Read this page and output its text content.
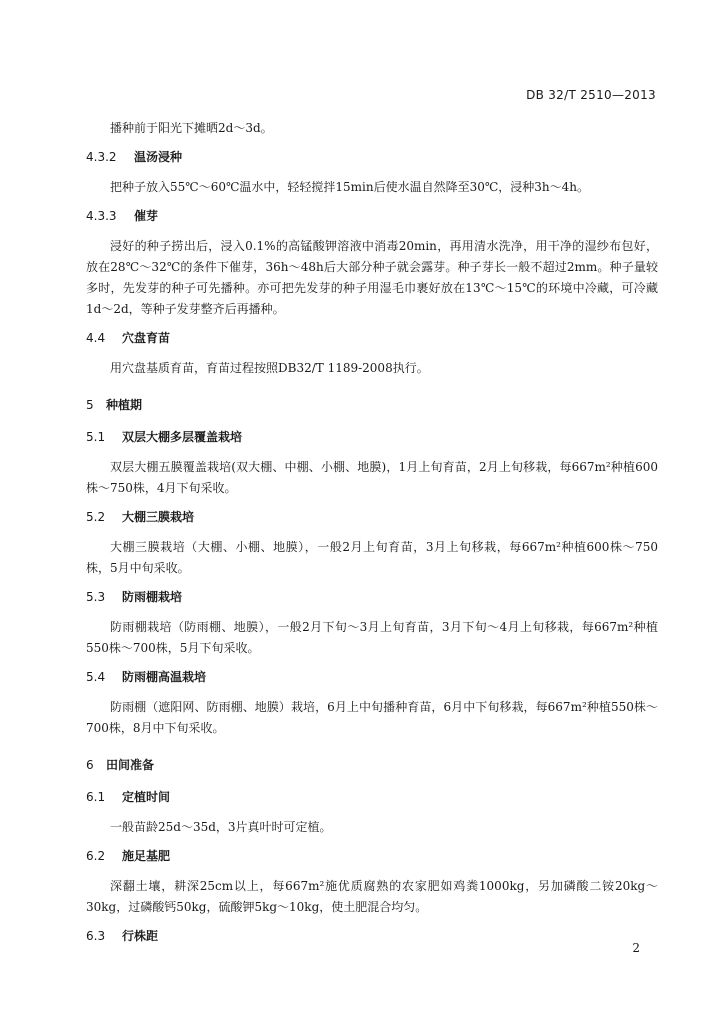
DB 32/T 2510—2013

播种前于阳光下摊晒2d～3d。

4.3.2 温汤浸种

把种子放入55℃～60℃温水中，轻轻搅拌15min后使水温自然降至30℃，浸种3h～4h。

4.3.3 催芽

浸好的种子捞出后，浸入0.1%的高锰酸钾溶液中消毒20min，再用清水洗净，用干净的湿纱布包好，放在28℃～32℃的条件下催芽，36h～48h后大部分种子就会露芽。种子芽长一般不超过2mm。种子量较多时，先发芽的种子可先播种。亦可把先发芽的种子用湿毛巾裹好放在13℃～15℃的环境中冷藏，可冷藏1d～2d，等种子发芽整齐后再播种。

4.4 穴盘育苗

用穴盘基质育苗，育苗过程按照DB32/T 1189-2008执行。

5 种植期
5.1 双层大棚多层覆盖栽培

双层大棚五膜覆盖栽培(双大棚、中棚、小棚、地膜)，1月上旬育苗，2月上旬移栽，每667m²种植600株～750株，4月下旬采收。

5.2 大棚三膜栽培

大棚三膜栽培（大棚、小棚、地膜），一般2月上旬育苗，3月上旬移栽，每667m²种植600株～750株，5月中旬采收。

5.3 防雨棚栽培

防雨棚栽培（防雨棚、地膜），一般2月下旬～3月上旬育苗，3月下旬～4月上旬移栽，每667m²种植550株～700株，5月下旬采收。

5.4 防雨棚高温栽培

防雨棚（遮阳网、防雨棚、地膜）栽培，6月上中旬播种育苗，6月中下旬移栽，每667m²种植550株～700株，8月中下旬采收。

6 田间准备
6.1 定植时间

一般苗龄25d～35d，3片真叶时可定植。

6.2 施足基肥

深翻土壤，耕深25cm以上，每667m²施优质腐熟的农家肥如鸡粪1000kg，另加磷酸二铵20kg～30kg，过磷酸钙50kg，硫酸钾5kg～10kg，使土肥混合均匀。

6.3 行株距
2
